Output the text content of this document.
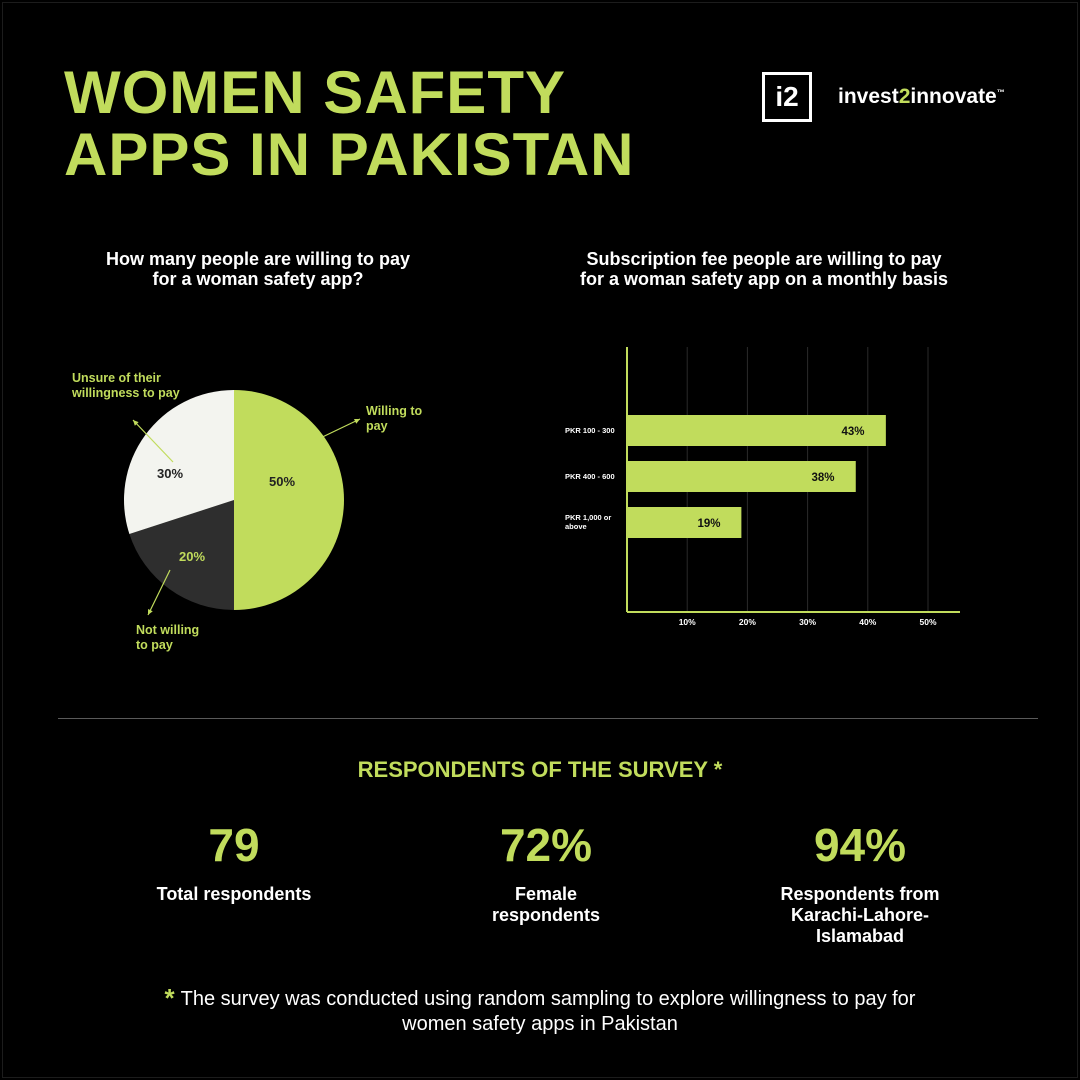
WOMEN SAFETY
APPS IN PAKISTAN
i2	invest2innovate™
How many people are willing to pay
for a woman safety app?
Subscription fee people are willing to pay
for a woman safety app on a monthly basis
50%
20%
30%
Willing to
pay
Not willing
to pay
Unsure of their
willingness to pay
10%	20%	30%	40%	50%
43%
PKR 100 - 300
38%
PKR 400 - 600
19%
PKR 1,000 or
above
RESPONDENTS OF THE SURVEY *
79
Total respondents
72%
Female respondents
94%
Respondents from Karachi-Lahore-Islamabad
* The survey was conducted using random sampling to explore willingness to pay for
women safety apps in Pakistan
